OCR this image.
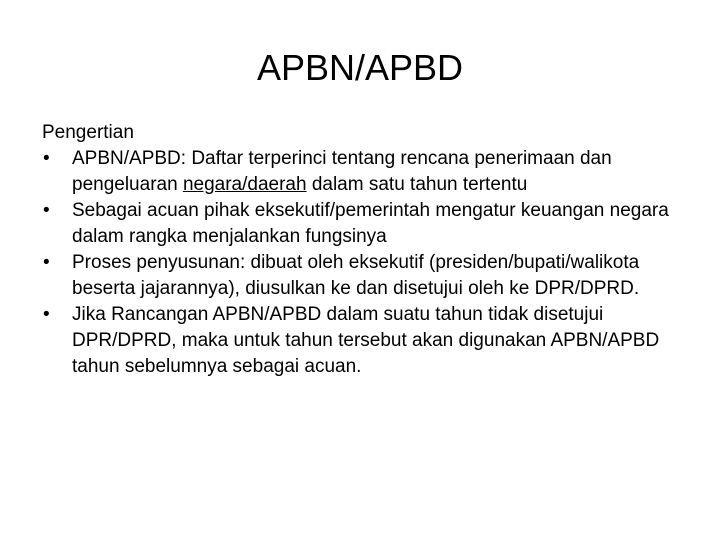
APBN/APBD

Pengertian

•	APBN/APBD: Daftar terperinci tentang rencana penerimaan dan pengeluaran negara/daerah dalam satu tahun tertentu
•	Sebagai acuan pihak eksekutif/pemerintah mengatur keuangan negara dalam rangka menjalankan fungsinya
•	Proses penyusunan: dibuat oleh eksekutif (presiden/bupati/walikota beserta jajarannya), diusulkan ke dan disetujui oleh ke DPR/DPRD.
•	Jika Rancangan APBN/APBD dalam suatu tahun tidak disetujui DPR/DPRD, maka untuk tahun tersebut akan digunakan APBN/APBD tahun sebelumnya sebagai acuan.
